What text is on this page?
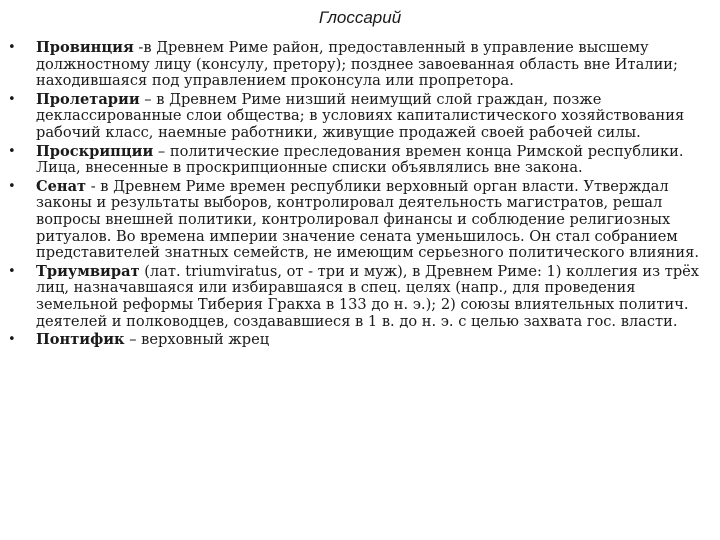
Глоссарий
• Провинция -в Древнем Риме район, предоставленный в управление высшему должностному лицу (консулу, претору); позднее завоеванная область вне Италии; находившаяся под управлением проконсула или пропретора.
• Пролетарии – в Древнем Риме низший неимущий слой граждан, позже деклассированные слои общества; в условиях капиталистического хозяйствования рабочий класс, наемные работники, живущие продажей своей рабочей силы.
• Проскрипции – политические преследования времен конца Римской республики. Лица, внесенные в проскрипционные списки объявлялись вне закона.
• Сенат - в Древнем Риме времен республики верховный орган власти. Утверждал законы и результаты выборов, контролировал деятельность магистратов, решал вопросы внешней политики, контролировал финансы и соблюдение религиозных ритуалов. Во времена империи значение сената уменьшилось. Он стал собранием представителей знатных семейств, не имеющим серьезного политического влияния.
• Триумвират (лат. triumviratus, от - три и муж), в Древнем Риме: 1) коллегия из трёх лиц, назначавшаяся или избиравшаяся в спец. целях (напр., для проведения земельной реформы Тиберия Гракха в 133 до н. э.); 2) союзы влиятельных политич. деятелей и полководцев, создававшиеся в 1 в. до н. э. с целью захвата гос. власти.
• Понтифик – верховный жрец
